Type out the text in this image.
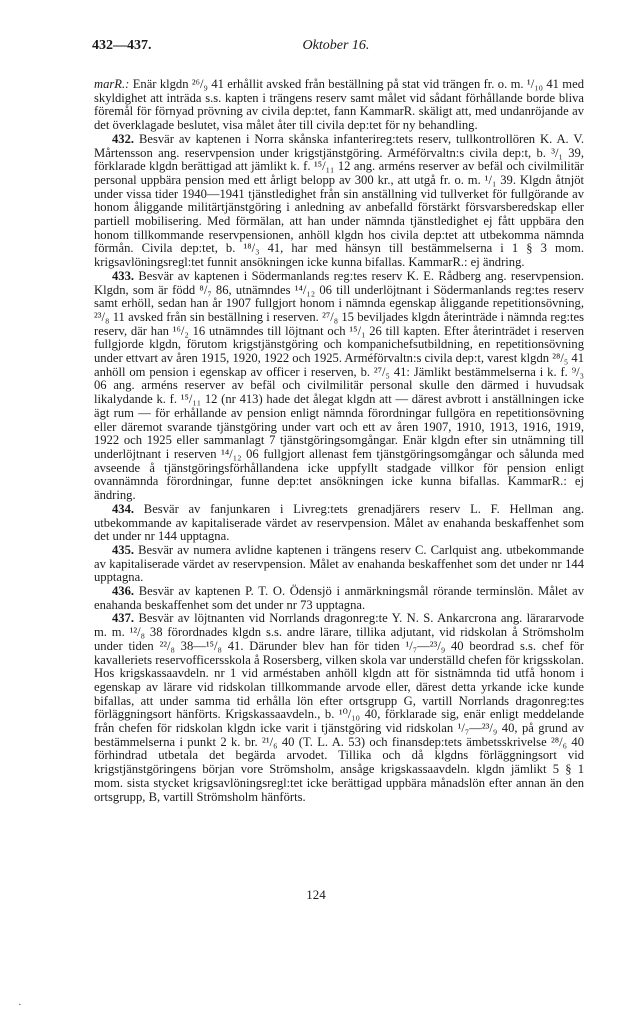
432—437.	Oktober 16.

marR.: Enär klgdn ²⁶/₉ 41 erhållit avsked från beställning på stat vid trängen fr. o. m. ¹/₁₀ 41 med skyldighet att inträda s.s. kapten i trängens reserv samt målet vid sådant förhållande borde bliva föremål för förnyad prövning av civila dep:tet, fann KammarR. skäligt att, med undanröjande av det överklagade beslutet, visa målet åter till civila dep:tet för ny behandling.

432. Besvär av kaptenen i Norra skånska infanterireg:tets reserv, tullkontrollören K. A. V. Mårtensson ang. reservpension under krigstjänstgöring. Arméförvaltn:s civila dep:t, b. ³/₁ 39, förklarade klgdn berättigad att jämlikt k. f. ¹⁵/₁₁ 12 ang. arméns reserver av befäl och civilmilitär personal uppbära pension med ett årligt belopp av 300 kr., att utgå fr. o. m. ¹/₁ 39. Klgdn åtnjöt under vissa tider 1940—1941 tjänstledighet från sin anställning vid tullverket för fullgörande av honom åliggande militärtjänstgöring i anledning av anbefalld förstärkt försvarsberedskap eller partiell mobilisering. Med förmälan, att han under nämnda tjänstledighet ej fått uppbära den honom tillkommande reservpensionen, anhöll klgdn hos civila dep:tet att utbekomma nämnda förmån. Civila dep:tet, b. ¹⁸/₃ 41, har med hänsyn till bestämmelserna i 1 § 3 mom. krigsavlöningsregl:tet funnit ansökningen icke kunna bifallas. KammarR.: ej ändring.

433. Besvär av kaptenen i Södermanlands reg:tes reserv K. E. Rådberg ang. reservpension. Klgdn, som är född ⁸/₇ 86, utnämndes ¹⁴/₁₂ 06 till underlöjtnant i Södermanlands reg:tes reserv samt erhöll, sedan han år 1907 fullgjort honom i nämnda egenskap åliggande repetitionsövning, ²³/₈ 11 avsked från sin beställning i reserven. ²⁷/₈ 15 beviljades klgdn återinträde i nämnda reg:tes reserv, där han ¹⁶/₂ 16 utnämndes till löjtnant och ¹⁵/₁ 26 till kapten. Efter återinträdet i reserven fullgjorde klgdn, förutom krigstjänstgöring och kompanichefsutbildning, en repetitionsövning under ettvart av åren 1915, 1920, 1922 och 1925. Arméförvaltn:s civila dep:t, varest klgdn ²⁸/₅ 41 anhöll om pension i egenskap av officer i reserven, b. ²⁷/₅ 41: Jämlikt bestämmelserna i k. f. ⁹/₃ 06 ang. arméns reserver av befäl och civilmilitär personal skulle den därmed i huvudsak likalydande k. f. ¹⁵/₁₁ 12 (nr 413) hade det ålegat klgdn att — därest avbrott i anställningen icke ägt rum — för erhållande av pension enligt nämnda förordningar fullgöra en repetitionsövning eller däremot svarande tjänstgöring under vart och ett av åren 1907, 1910, 1913, 1916, 1919, 1922 och 1925 eller sammanlagt 7 tjänstgöringsomgångar. Enär klgdn efter sin utnämning till underlöjtnant i reserven ¹⁴/₁₂ 06 fullgjort allenast fem tjänstgöringsomgångar och sålunda med avseende å tjänstgöringsförhållandena icke uppfyllt stadgade villkor för pension enligt ovannämnda förordningar, funne dep:tet ansökningen icke kunna bifallas. KammarR.: ej ändring.

434. Besvär av fanjunkaren i Livreg:tets grenadjärers reserv L. F. Hellman ang. utbekommande av kapitaliserade värdet av reservpension. Målet av enahanda beskaffenhet som det under nr 144 upptagna.

435. Besvär av numera avlidne kaptenen i trängens reserv C. Carlquist ang. utbekommande av kapitaliserade värdet av reservpension. Målet av enahanda beskaffenhet som det under nr 144 upptagna.

436. Besvär av kaptenen P. T. O. Ödensjö i anmärkningsmål rörande terminslön. Målet av enahanda beskaffenhet som det under nr 73 upptagna.

437. Besvär av löjtnanten vid Norrlands dragonreg:te Y. N. S. Ankarcrona ang. lärararvode m. m. ¹²/₈ 38 förordnades klgdn s.s. andre lärare, tillika adjutant, vid ridskolan å Strömsholm under tiden ²²/₈ 38—¹⁵/₈ 41. Därunder blev han för tiden ¹/₇—²³/₉ 40 beordrad s.s. chef för kavalleriets reservofficersskola å Rosersberg, vilken skola var underställd chefen för krigsskolan. Hos krigskassaavdeln. nr 1 vid arméstaben anhöll klgdn att för sistnämnda tid utfå honom i egenskap av lärare vid ridskolan tillkommande arvode eller, därest detta yrkande icke kunde bifallas, att under samma tid erhålla lön efter ortsgrupp G, vartill Norrlands dragonreg:tes förläggningsort hänförts. Krigskassaavdeln., b. ¹⁰/₁₀ 40, förklarade sig, enär enligt meddelande från chefen för ridskolan klgdn icke varit i tjänstgöring vid ridskolan ¹/₇—²³/₉ 40, på grund av bestämmelserna i punkt 2 k. br. ²¹/₆ 40 (T. L. A. 53) och finansdep:tets ämbetsskrivelse ²⁸/₆ 40 förhindrad utbetala det begärda arvodet. Tillika och då klgdns förläggningsort vid krigstjänstgöringens början vore Strömsholm, ansåge krigskassaavdeln. klgdn jämlikt 5 § 1 mom. sista stycket krigsavlöningsregl:tet icke berättigad uppbära månadslön efter annan än den ortsgrupp, B, vartill Strömsholm hänförts.

124
·
